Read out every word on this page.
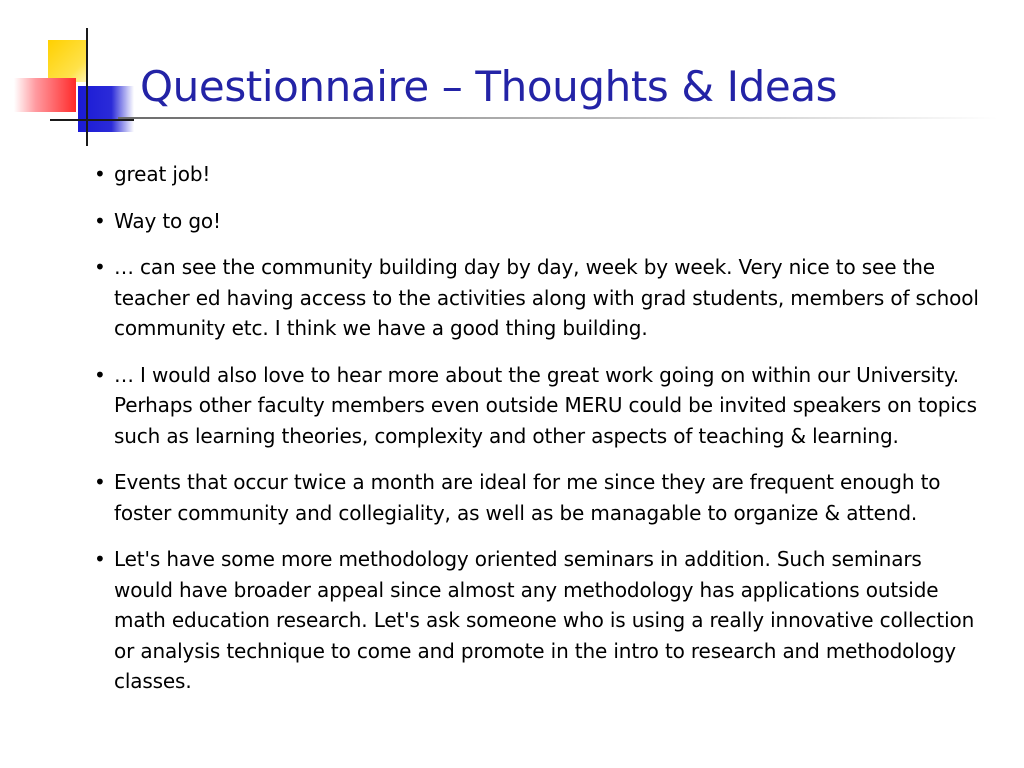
Questionnaire – Thoughts & Ideas
• great job!
• Way to go!
• … can see the community building day by day, week by week. Very nice to see the teacher ed having access to the activities along with grad students, members of school community etc. I think we have a good thing building.
• … I would also love to hear more about the great work going on within our University. Perhaps other faculty members even outside MERU could be invited speakers on topics such as learning theories, complexity and other aspects of teaching & learning.
• Events that occur twice a month are ideal for me since they are frequent enough to foster community and collegiality, as well as be managable to organize & attend.
• Let's have some more methodology oriented seminars in addition. Such seminars would have broader appeal since almost any methodology has applications outside math education research. Let's ask someone who is using a really innovative collection or analysis technique to come and promote in the intro to research and methodology classes.
